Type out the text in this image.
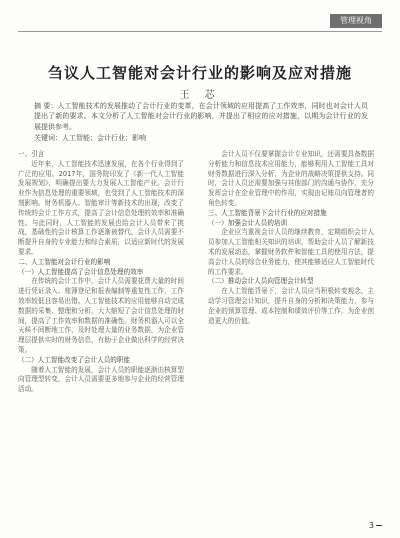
管理视角
刍议人工智能对会计行业的影响及应对措施
王 芯
摘 要：人工智能技术的发展推动了会计行业的变革，在会计领域的应用提高了工作效率，同时也对会计人员提出了新的要求。本文分析了人工智能对会计行业的影响，并提出了相应的应对措施，以期为会计行业的发展提供参考。
关键词：人工智能；会计行业；影响

一、引言

近年来，人工智能技术迅速发展，在各个行业得到了广泛的应用。2017年，国务院印发了《新一代人工智能发展规划》，明确提出要大力发展人工智能产业。会计行业作为信息处理的重要领域，也受到了人工智能技术的深刻影响。财务机器人、智能审计等新技术的出现，改变了传统的会计工作方式，提高了会计信息处理的效率和准确性。与此同时，人工智能的发展也给会计人员带来了挑战，基础性的会计核算工作逐渐被替代，会计人员需要不断提升自身的专业能力和综合素质，以适应新时代的发展要求。

二、人工智能对会计行业的影响

（一）人工智能提高了会计信息处理的效率

在传统的会计工作中，会计人员需要花费大量的时间进行凭证录入、账簿登记和报表编制等重复性工作，工作效率较低且容易出错。人工智能技术的应用能够自动完成数据的采集、整理和分析，大大缩短了会计信息处理的时间，提高了工作效率和数据的准确性。财务机器人可以全天候不间断地工作，及时处理大量的业务数据，为企业管理层提供实时的财务信息，有助于企业做出科学的经营决策。

（二）人工智能改变了会计人员的职能

随着人工智能的发展，会计人员的职能逐渐由核算型向管理型转变，会计人员需要更多地参与企业的经营管理活动。

会计人员不仅要掌握会计专业知识，还需要具备数据分析能力和信息技术应用能力，能够利用人工智能工具对财务数据进行深入分析，为企业的战略决策提供支持。同时，会计人员还需要加强与其他部门的沟通与协作，充分发挥会计在企业管理中的作用，实现由记账员向管理者的角色转变。

三、人工智能背景下会计行业的应对措施

（一）加强会计人员的培训

企业应当重视会计人员的继续教育，定期组织会计人员参加人工智能相关知识的培训，帮助会计人员了解新技术的发展动态，掌握财务软件和智能工具的使用方法，提高会计人员的综合业务能力，使其能够适应人工智能时代的工作要求。

（二）推动会计人员向管理会计转型

在人工智能背景下，会计人员应当积极转变观念，主动学习管理会计知识，提升自身的分析和决策能力，参与企业的预算管理、成本控制和绩效评价等工作，为企业创造更大的价值。

3
